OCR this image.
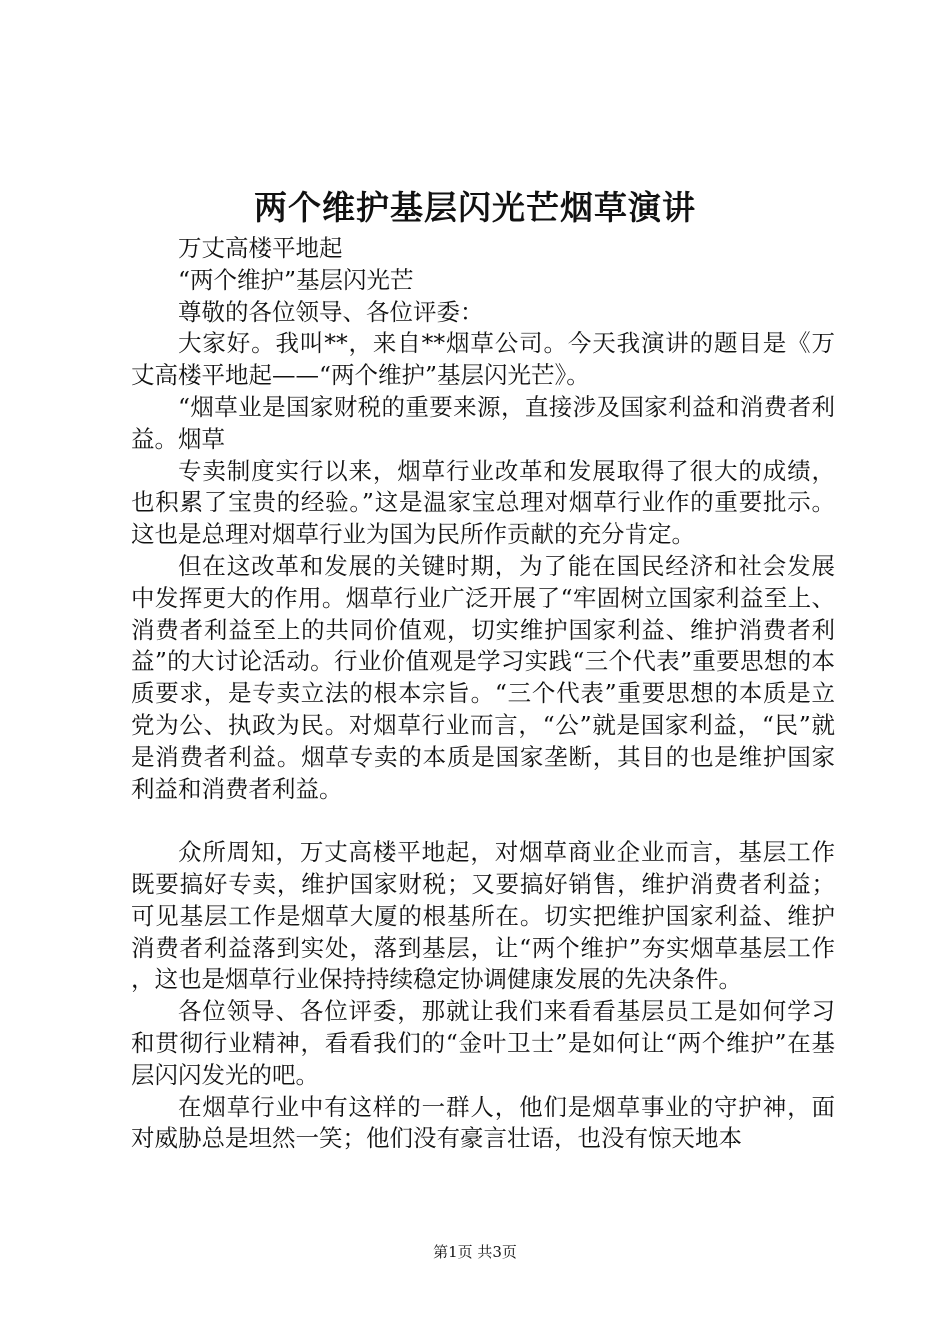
两个维护基层闪光芒烟草演讲

万丈高楼平地起

“两个维护”基层闪光芒

尊敬的各位领导、各位评委：

大家好。我叫**，来自**烟草公司。今天我演讲的题目是《万丈高楼平地起——“两个维护”基层闪光芒》。

“烟草业是国家财税的重要来源，直接涉及国家利益和消费者利益。烟草

专卖制度实行以来，烟草行业改革和发展取得了很大的成绩，也积累了宝贵的经验。”这是温家宝总理对烟草行业作的重要批示。这也是总理对烟草行业为国为民所作贡献的充分肯定。

但在这改革和发展的关键时期，为了能在国民经济和社会发展中发挥更大的作用。烟草行业广泛开展了“牢固树立国家利益至上、消费者利益至上的共同价值观，切实维护国家利益、维护消费者利益”的大讨论活动。行业价值观是学习实践“三个代表”重要思想的本质要求，是专卖立法的根本宗旨。“三个代表”重要思想的本质是立党为公、执政为民。对烟草行业而言，“公”就是国家利益，“民”就是消费者利益。烟草专卖的本质是国家垄断，其目的也是维护国家利益和消费者利益。

众所周知，万丈高楼平地起，对烟草商业企业而言，基层工作既要搞好专卖，维护国家财税；又要搞好销售，维护消费者利益；可见基层工作是烟草大厦的根基所在。切实把维护国家利益、维护消费者利益落到实处，落到基层，让“两个维护”夯实烟草基层工作，这也是烟草行业保持持续稳定协调健康发展的先决条件。

各位领导、各位评委，那就让我们来看看基层员工是如何学习和贯彻行业精神，看看我们的“金叶卫士”是如何让“两个维护”在基层闪闪发光的吧。

在烟草行业中有这样的一群人，他们是烟草事业的守护神，面对威胁总是坦然一笑；他们没有豪言壮语，也没有惊天地本

第1页 共3页
